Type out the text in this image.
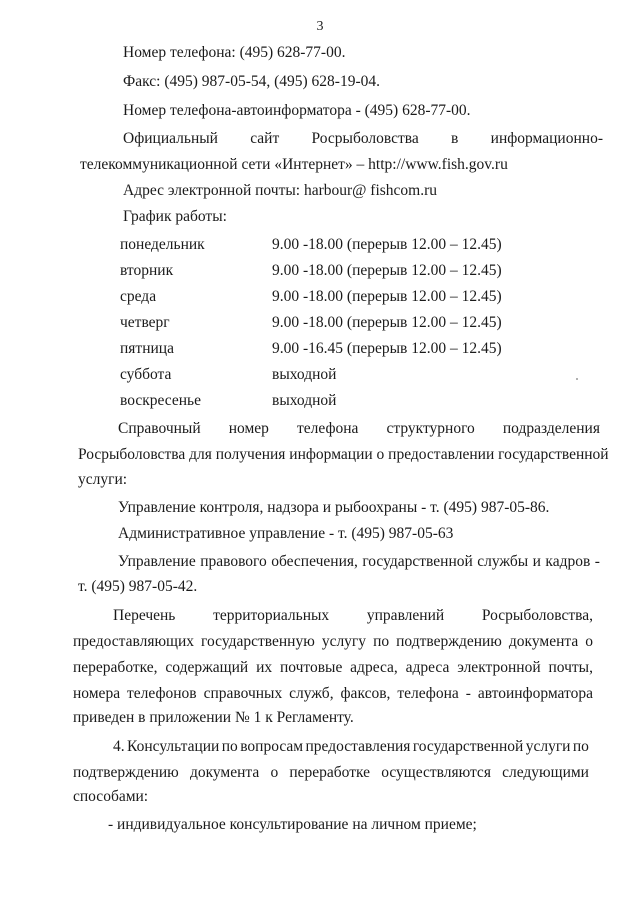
3
Номер телефона: (495) 628-77-00.
Факс: (495) 987-05-54, (495) 628-19-04.
Номер телефона-автоинформатора - (495) 628-77-00.
Официальный сайт Росрыболовства в информационно-
телекоммуникационной сети «Интернет» – http://www.fish.gov.ru
Адрес электронной почты: harbour@ fishcom.ru
График работы:
понедельник	9.00 -18.00 (перерыв 12.00 – 12.45)
вторник	9.00 -18.00 (перерыв 12.00 – 12.45)
среда	9.00 -18.00 (перерыв 12.00 – 12.45)
четверг	9.00 -18.00 (перерыв 12.00 – 12.45)
пятница	9.00 -16.45 (перерыв 12.00 – 12.45)
суббота	выходной
воскресенье	выходной
Справочный номер телефона структурного подразделения
Росрыболовства для получения информации о предоставлении государственной
услуги:
Управление контроля, надзора и рыбоохраны - т. (495) 987-05-86.
Административное управление - т. (495) 987-05-63
Управление правового обеспечения, государственной службы и кадров -
т. (495) 987-05-42.
Перечень территориальных управлений Росрыболовства,
предоставляющих государственную услугу по подтверждению документа о
переработке, содержащий их почтовые адреса, адреса электронной почты,
номера телефонов справочных служб, факсов, телефона - автоинформатора
приведен в приложении № 1 к Регламенту.
4. Консультации по вопросам предоставления государственной услуги по
подтверждению документа о переработке осуществляются следующими
способами:
- индивидуальное консультирование на личном приеме;
